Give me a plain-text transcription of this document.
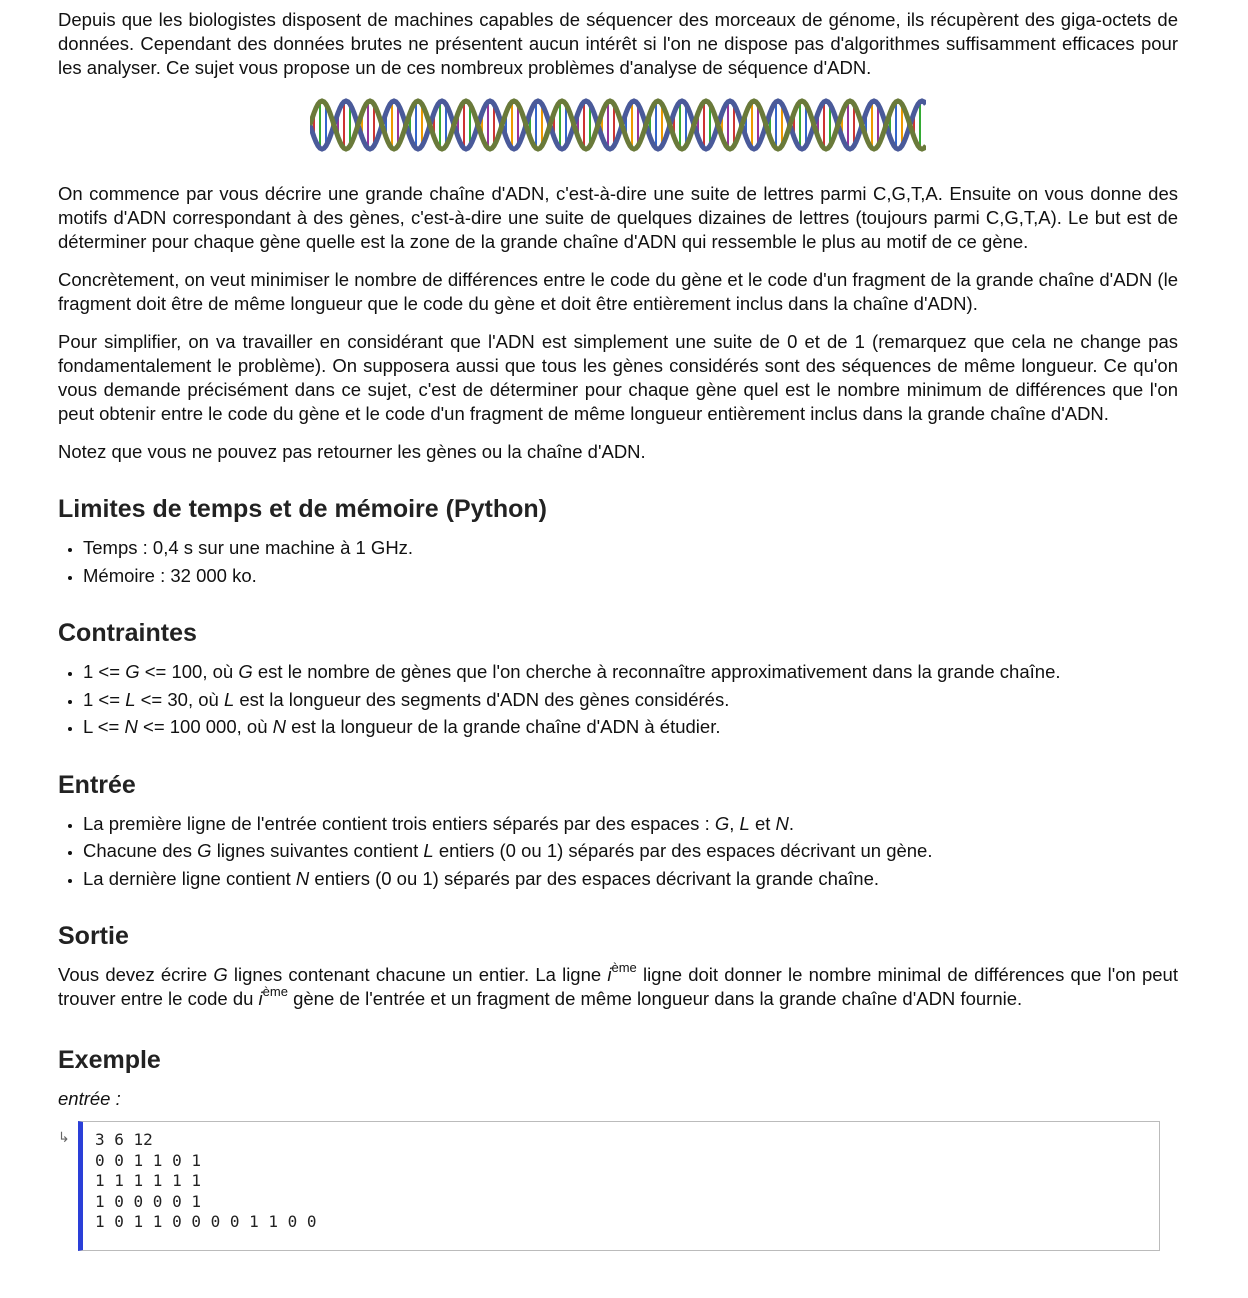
Depuis que les biologistes disposent de machines capables de séquencer des morceaux de génome, ils récupèrent des giga-octets de données. Cependant des données brutes ne présentent aucun intérêt si l'on ne dispose pas d'algorithmes suffisamment efficaces pour les analyser. Ce sujet vous propose un de ces nombreux problèmes d'analyse de séquence d'ADN.

On commence par vous décrire une grande chaîne d'ADN, c'est-à-dire une suite de lettres parmi C,G,T,A. Ensuite on vous donne des motifs d'ADN correspondant à des gènes, c'est-à-dire une suite de quelques dizaines de lettres (toujours parmi C,G,T,A). Le but est de déterminer pour chaque gène quelle est la zone de la grande chaîne d'ADN qui ressemble le plus au motif de ce gène.

Concrètement, on veut minimiser le nombre de différences entre le code du gène et le code d'un fragment de la grande chaîne d'ADN (le fragment doit être de même longueur que le code du gène et doit être entièrement inclus dans la chaîne d'ADN).

Pour simplifier, on va travailler en considérant que l'ADN est simplement une suite de 0 et de 1 (remarquez que cela ne change pas fondamentalement le problème). On supposera aussi que tous les gènes considérés sont des séquences de même longueur. Ce qu'on vous demande précisément dans ce sujet, c'est de déterminer pour chaque gène quel est le nombre minimum de différences que l'on peut obtenir entre le code du gène et le code d'un fragment de même longueur entièrement inclus dans la grande chaîne d'ADN.

Notez que vous ne pouvez pas retourner les gènes ou la chaîne d'ADN.

Limites de temps et de mémoire (Python)
• Temps : 0,4 s sur une machine à 1 GHz.
• Mémoire : 32 000 ko.
Contraintes
• 1 <= G <= 100, où G est le nombre de gènes que l'on cherche à reconnaître approximativement dans la grande chaîne.
• 1 <= L <= 30, où L est la longueur des segments d'ADN des gènes considérés.
• L <= N <= 100 000, où N est la longueur de la grande chaîne d'ADN à étudier.
Entrée
• La première ligne de l'entrée contient trois entiers séparés par des espaces : G, L et N.
• Chacune des G lignes suivantes contient L entiers (0 ou 1) séparés par des espaces décrivant un gène.
• La dernière ligne contient N entiers (0 ou 1) séparés par des espaces décrivant la grande chaîne.
Sortie

Vous devez écrire G lignes contenant chacune un entier. La ligne $i^{ème}$ ligne doit donner le nombre minimal de différences que l'on peut trouver entre le code du $i^{ème}$ gène de l'entrée et un fragment de même longueur dans la grande chaîne d'ADN fournie.

Exemple
entrée :
↳ 3 6 12
0 0 1 1 0 1
1 1 1 1 1 1
1 0 0 0 0 1
1 0 1 1 0 0 0 0 1 1 0 0
